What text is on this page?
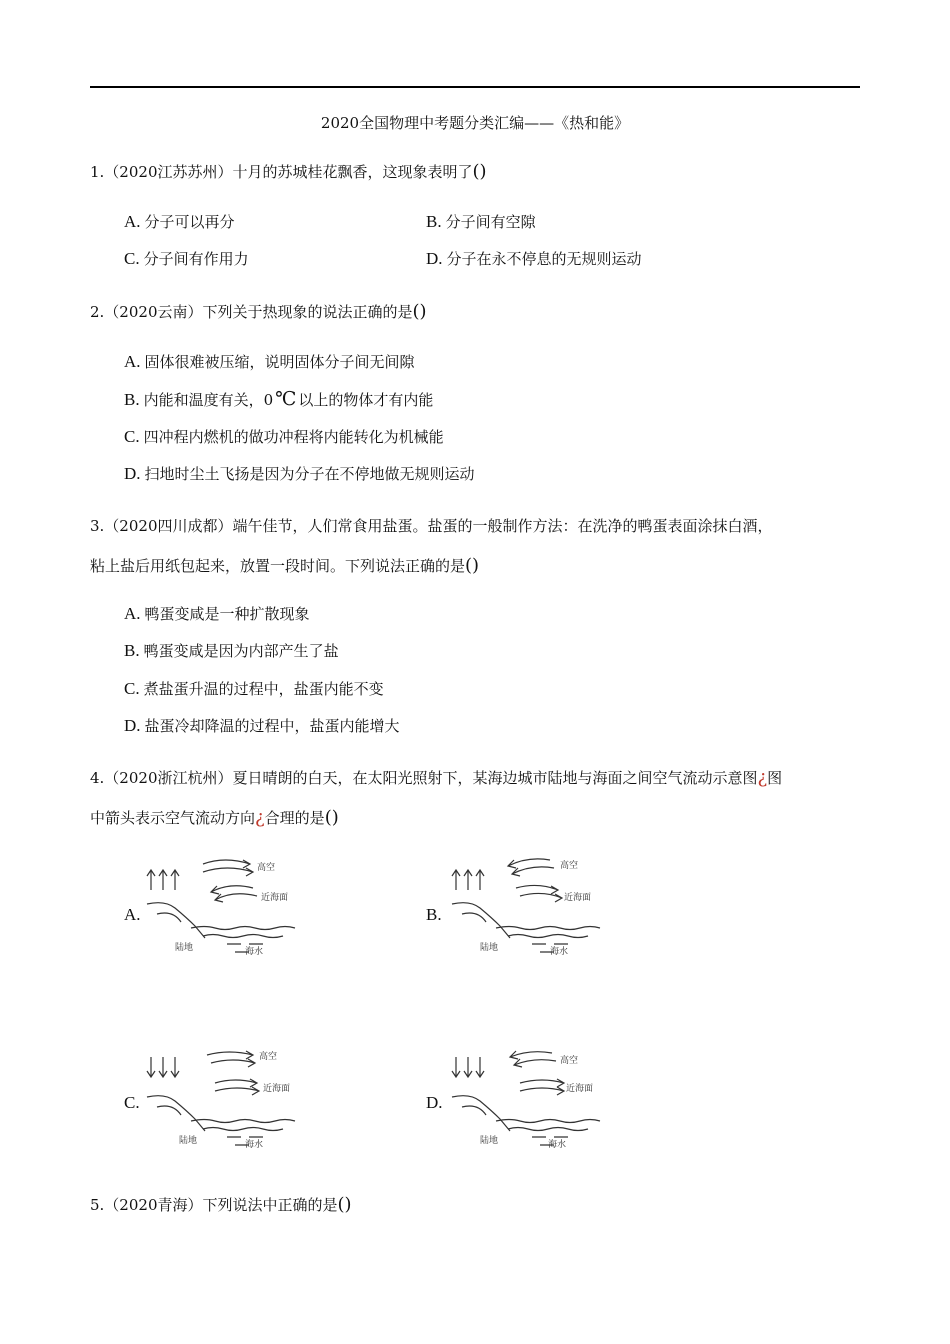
2020全国物理中考题分类汇编——《热和能》
1.（2020江苏苏州）十月的苏城桂花飘香，这现象表明了()
A. 分子可以再分	B. 分子间有空隙
C. 分子间有作用力	D. 分子在永不停息的无规则运动
2.（2020云南）下列关于热现象的说法正确的是()
A. 固体很难被压缩，说明固体分子间无间隙
B. 内能和温度有关，0 ℃ 以上的物体才有内能
C. 四冲程内燃机的做功冲程将内能转化为机械能
D. 扫地时尘土飞扬是因为分子在不停地做无规则运动
3.（2020四川成都）端午佳节，人们常食用盐蛋。盐蛋的一般制作方法：在洗净的鸭蛋表面涂抹白酒，
粘上盐后用纸包起来，放置一段时间。下列说法正确的是()
A. 鸭蛋变咸是一种扩散现象
B. 鸭蛋变咸是因为内部产生了盐
C. 煮盐蛋升温的过程中，盐蛋内能不变
D. 盐蛋冷却降温的过程中，盐蛋内能增大
4.（2020浙江杭州）夏日晴朗的白天，在太阳光照射下，某海边城市陆地与海面之间空气流动示意图¿图
中箭头表示空气流动方向¿合理的是()
A.
高空
近海面
陆地	海水
B.
高空
近海面
陆地	海水
C.
高空
近海面
陆地	海水
D.
高空
近海面
陆地	海水
5.（2020青海）下列说法中正确的是()
